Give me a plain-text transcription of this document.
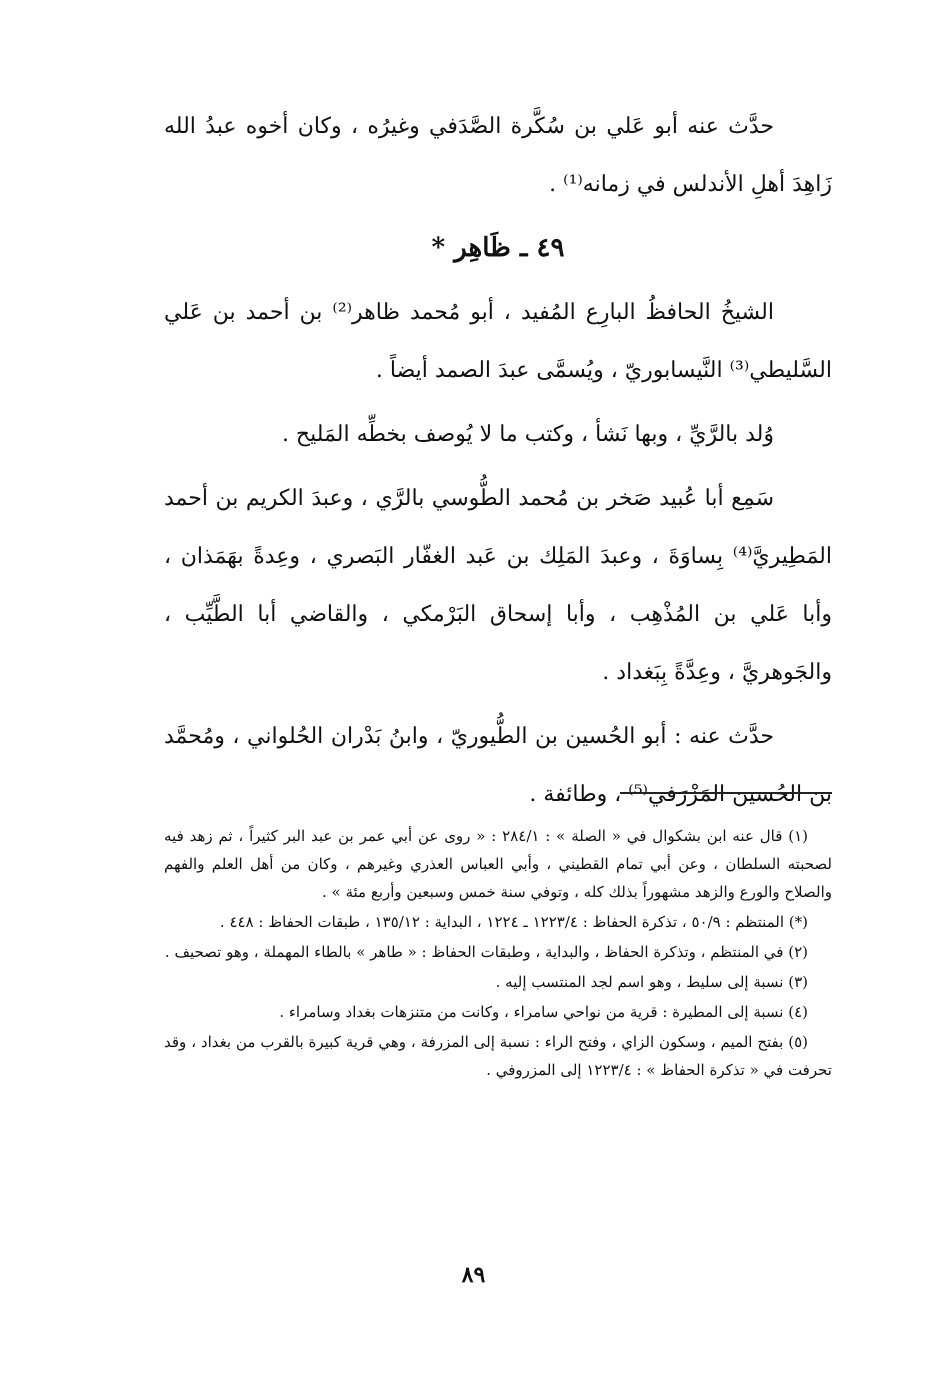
حدَّث عنه أبو عَلي بن سُكَّرة الصَّدَفي وغيرُه ، وكان أخوه عبدُ الله زَاهِدَ أهلِ الأندلس في زمانه⁽¹⁾ .

٤٩ ـ ظَاهِر *

الشيخُ الحافظُ البارِع المُفيد ، أبو مُحمد ظاهر⁽²⁾ بن أحمد بن عَلي السَّليطي⁽³⁾ النَّيسابوريّ ، ويُسمَّى عبدَ الصمد أيضاً .

وُلد بالرَّيِّ ، وبها نَشأ ، وكتب ما لا يُوصف بخطِّه المَليح .

سَمِع أبا عُبيد صَخر بن مُحمد الطُّوسي بالرَّي ، وعبدَ الكريم بن أحمد المَطِيريَّ⁽⁴⁾ بِساوَةَ ، وعبدَ المَلِك بن عَبد الغفّار البَصري ، وعِدةً بهَمَذان ، وأبا عَلي بن المُذْهِب ، وأبا إسحاق البَرْمكي ، والقاضي أبا الطَّيِّب ، والجَوهريَّ ، وعِدَّةً بِبَغداد .

حدَّث عنه : أبو الحُسين بن الطُّيوريّ ، وابنُ بَدْران الحُلواني ، ومُحمَّد بن الحُسين المَزْرَفي⁽⁵⁾ ، وطائفة .

(١) قال عنه ابن بشكوال في « الصلة » : ٢٨٤/١ : « روى عن أبي عمر بن عبد البر كثيراً ، ثم زهد فيه لصحبته السلطان ، وعن أبي تمام القطيني ، وأبي العباس العذري وغيرهم ، وكان من أهل العلم والفهم والصلاح والورع والزهد مشهوراً بذلك كله ، وتوفي سنة خمس وسبعين وأربع مئة » .

(*) المنتظم : ٥٠/٩ ، تذكرة الحفاظ : ١٢٢٣/٤ ـ ١٢٢٤ ، البداية : ١٣٥/١٢ ، طبقات الحفاظ : ٤٤٨ .

(٢) في المنتظم ، وتذكرة الحفاظ ، والبداية ، وطبقات الحفاظ : « طاهر » بالطاء المهملة ، وهو تصحيف .

(٣) نسبة إلى سليط ، وهو اسم لجد المنتسب إليه .

(٤) نسبة إلى المطيرة : قرية من نواحي سامراء ، وكانت من متنزهات بغداد وسامراء .

(٥) بفتح الميم ، وسكون الزاي ، وفتح الراء : نسبة إلى المزرفة ، وهي قرية كبيرة بالقرب من بغداد ، وقد تحرفت في « تذكرة الحفاظ » : ١٢٢٣/٤ إلى المزروفي .

٨٩
